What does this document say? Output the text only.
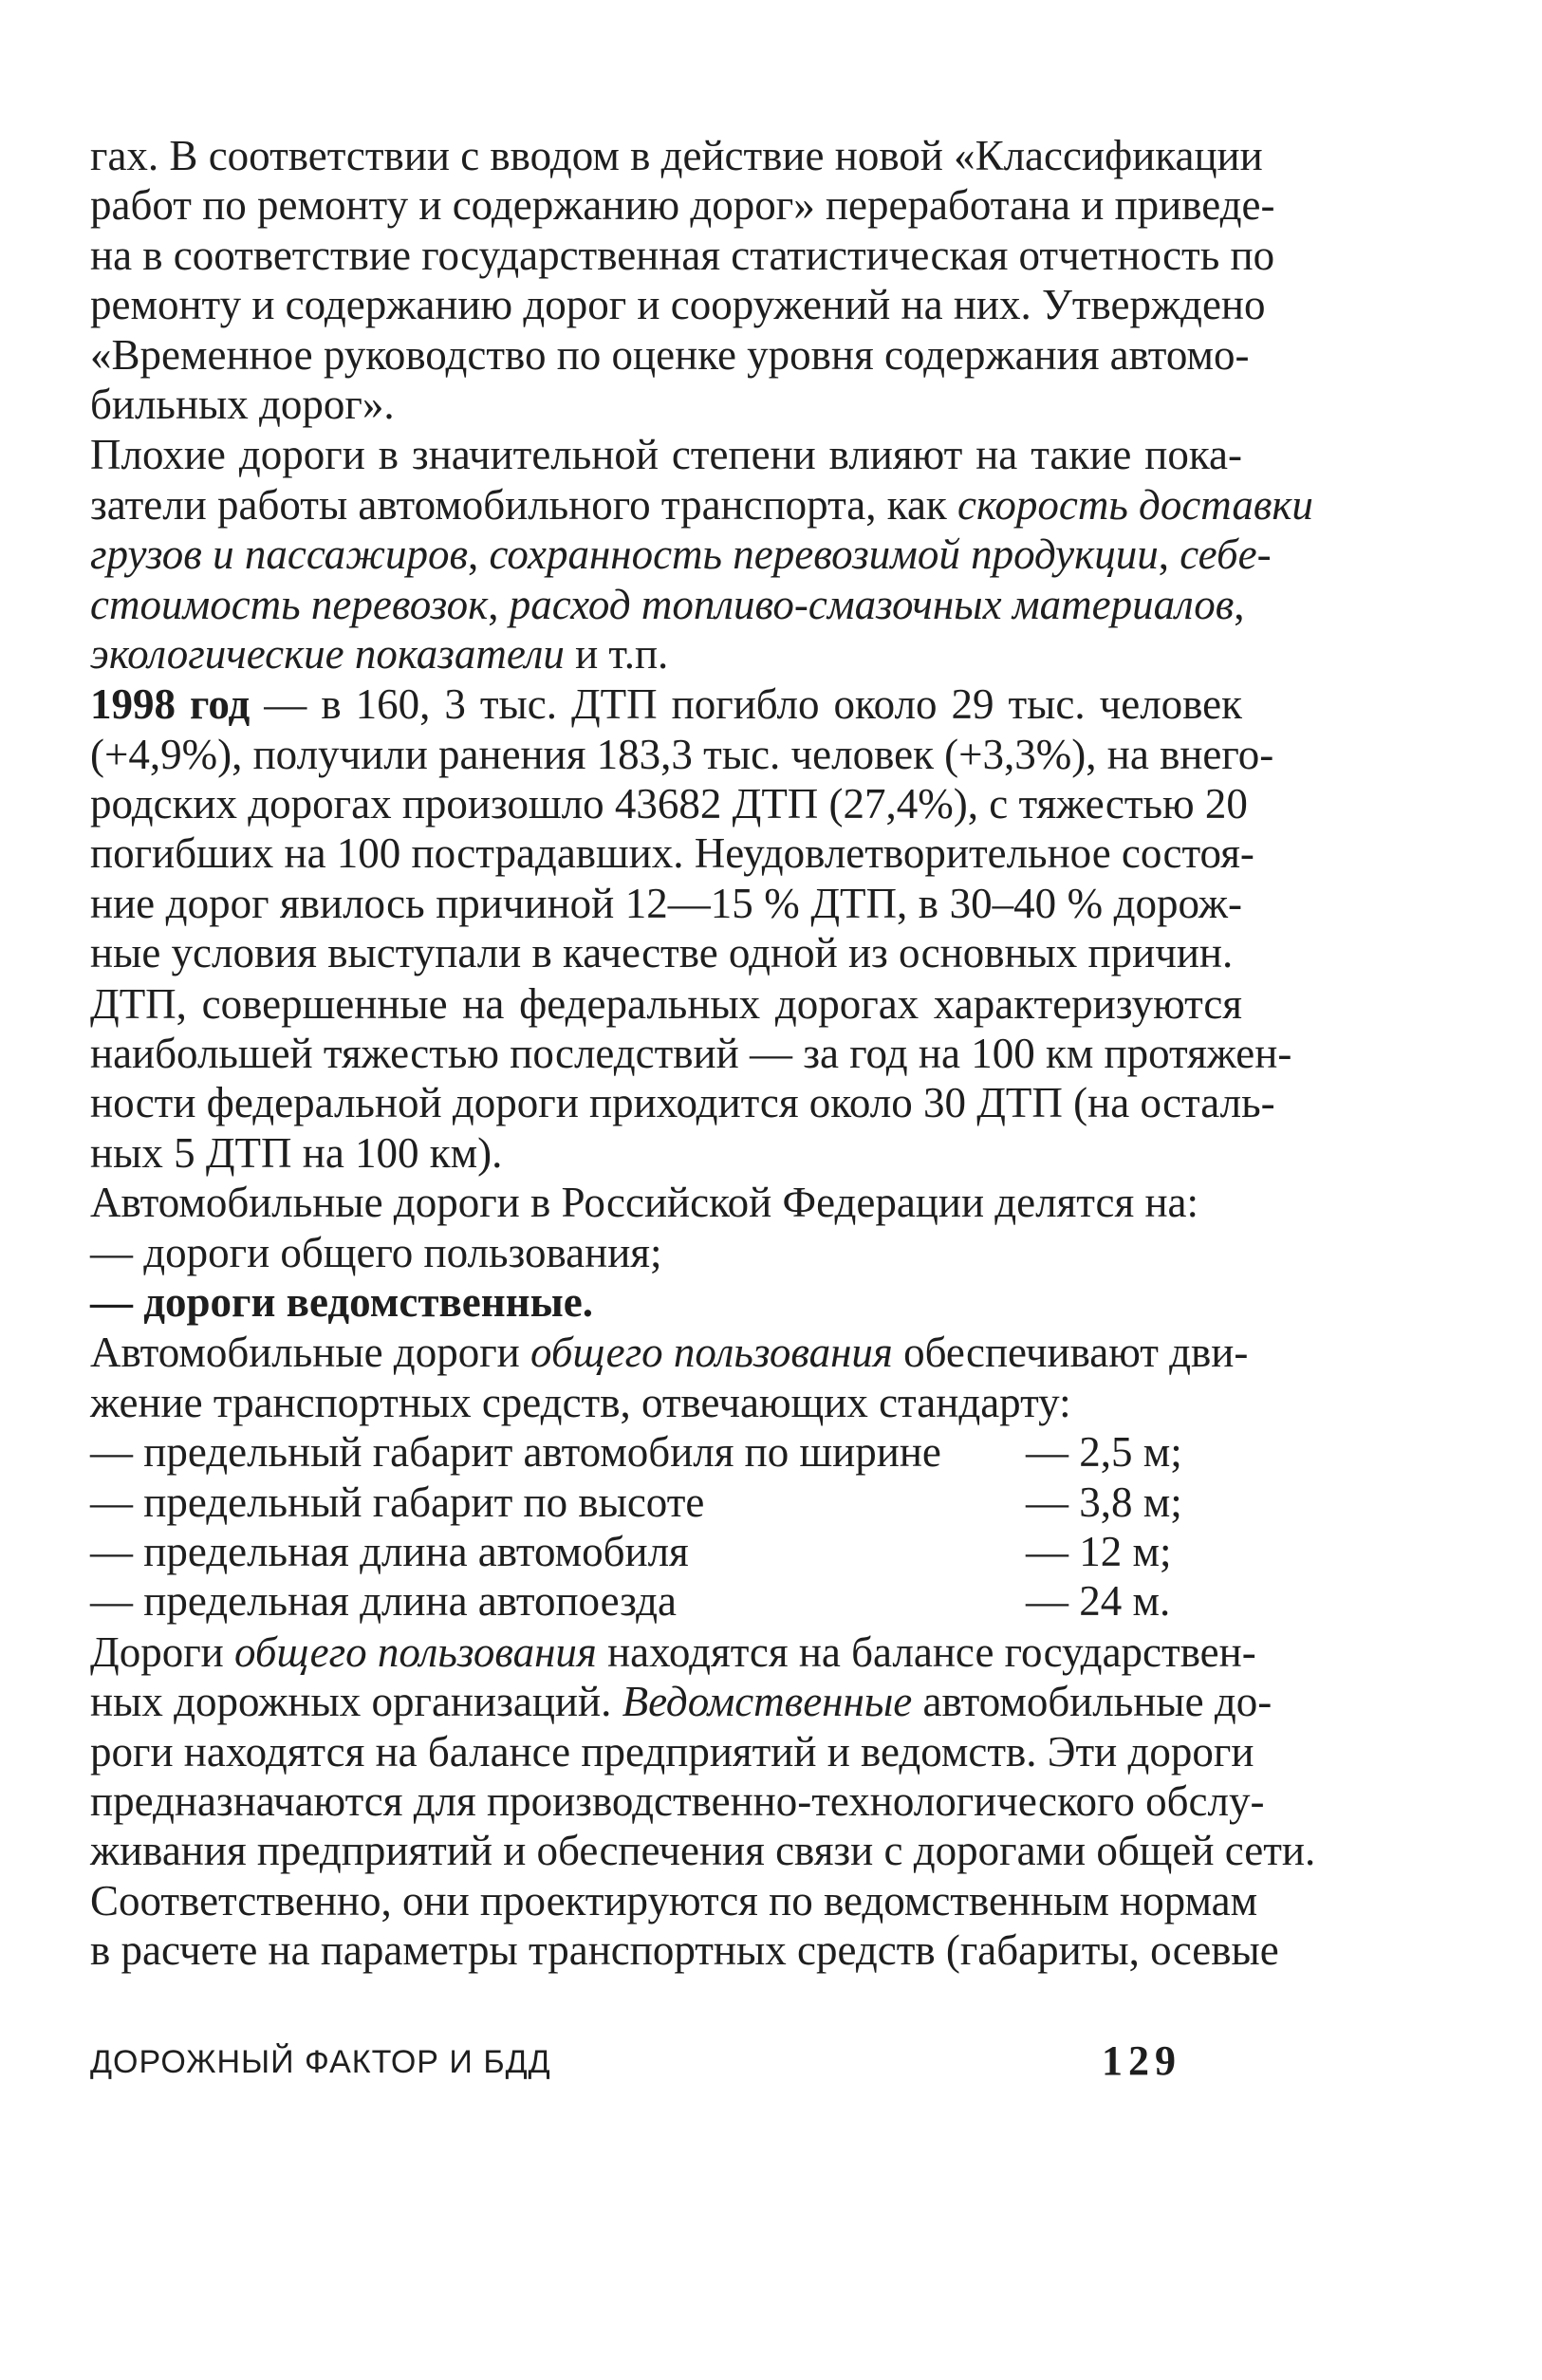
гах. В соответствии с вводом в действие новой «Классификации
работ по ремонту и содержанию дорог» переработана и приведе-
на в соответствие государственная статистическая отчетность по
ремонту и содержанию дорог и сооружений на них. Утверждено
«Временное руководство по оценке уровня содержания автомо-
бильных дорог».
Плохие дороги в значительной степени влияют на такие пока-
затели работы автомобильного транспорта, как скорость доставки
грузов и пассажиров, сохранность перевозимой продукции, себе-
стоимость перевозок, расход топливо-смазочных материалов,
экологические показатели и т.п.
1998 год — в 160, 3 тыс. ДТП погибло около 29 тыс. человек
(+4,9%), получили ранения 183,3 тыс. человек (+3,3%), на внего-
родских дорогах произошло 43682 ДТП (27,4%), с тяжестью 20
погибших на 100 пострадавших. Неудовлетворительное состоя-
ние дорог явилось причиной 12—15 % ДТП, в 30–40 % дорож-
ные условия выступали в качестве одной из основных причин.
ДТП, совершенные на федеральных дорогах характеризуются
наибольшей тяжестью последствий — за год на 100 км протяжен-
ности федеральной дороги приходится около 30 ДТП (на осталь-
ных 5 ДТП на 100 км).
Автомобильные дороги в Российской Федерации делятся на:
— дороги общего пользования;
— дороги ведомственные.
Автомобильные дороги общего пользования обеспечивают дви-
жение транспортных средств, отвечающих стандарту:
— предельный габарит автомобиля по ширине	— 2,5 м;
— предельный габарит по высоте	— 3,8 м;
— предельная длина автомобиля	— 12 м;
— предельная длина автопоезда	— 24 м.
Дороги общего пользования находятся на балансе государствен-
ных дорожных организаций. Ведомственные автомобильные до-
роги находятся на балансе предприятий и ведомств. Эти дороги
предназначаются для производственно-технологического обслу-
живания предприятий и обеспечения связи с дорогами общей сети.
Соответственно, они проектируются по ведомственным нормам
в расчете на параметры транспортных средств (габариты, осевые
ДОРОЖНЫЙ ФАКТОР И БДД	129
